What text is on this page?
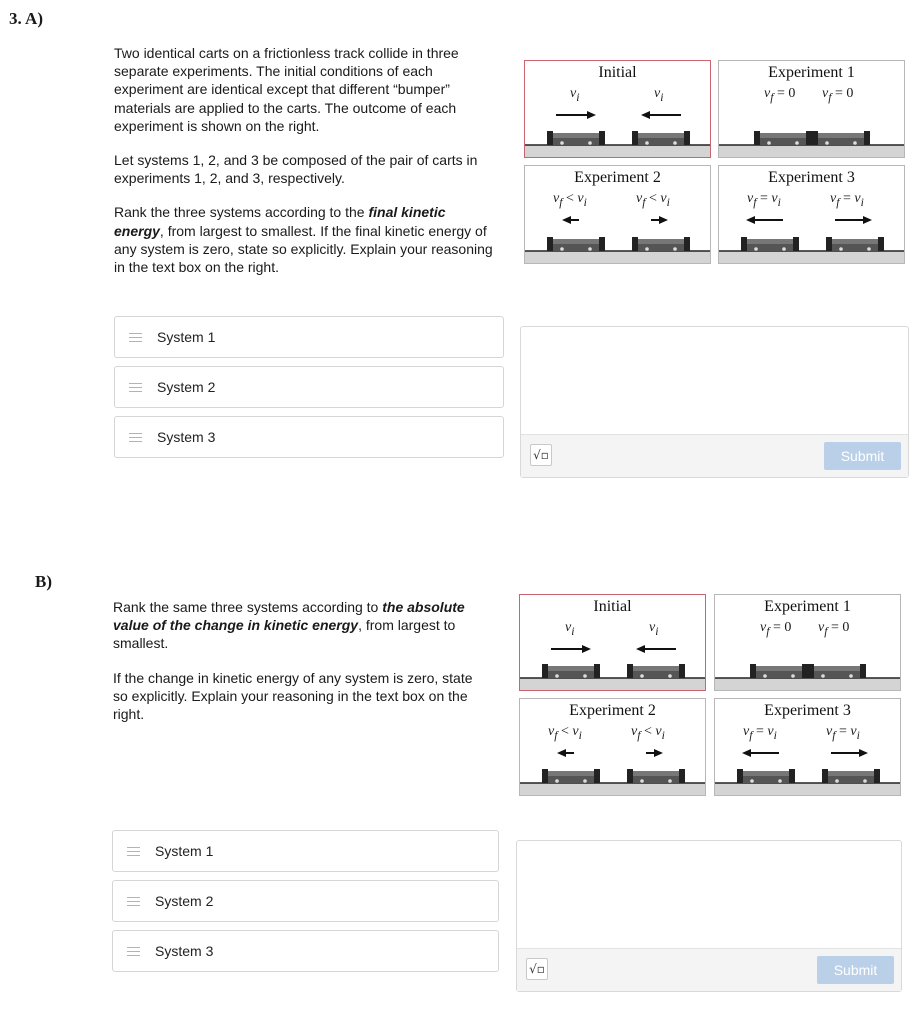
3. A)

Two identical carts on a frictionless track collide in three separate experiments. The initial conditions of each experiment are identical except that different “bumper” materials are applied to the carts. The outcome of each experiment is shown on the right.

Let systems 1, 2, and 3 be composed of the pair of carts in experiments 1, 2, and 3, respectively.

Rank the three systems according to the final kinetic energy, from largest to smallest. If the final kinetic energy of any system is zero, state so explicitly. Explain your reasoning in the text box on the right.

System 1
System 2
System 3
√▫	Submit
Initial
$v_i$	$v_i$
Experiment 1
$v_f = 0$ $v_f = 0$
Experiment 2
$v_f < v_i$	$v_f < v_i$
Experiment 3
$v_f = v_i$	$v_f = v_i$
B)

Rank the same three systems according to the absolute value of the change in kinetic energy, from largest to smallest.

If the change in kinetic energy of any system is zero, state so explicitly. Explain your reasoning in the text box on the right.

System 1
System 2
System 3
√▫	Submit
Initial
$v_i$	$v_i$
Experiment 1
$v_f = 0$ $v_f = 0$
Experiment 2
$v_f < v_i$	$v_f < v_i$
Experiment 3
$v_f = v_i$	$v_f = v_i$
